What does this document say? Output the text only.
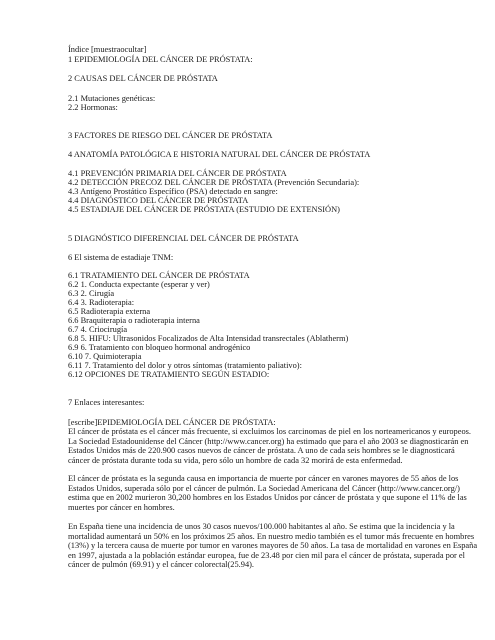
Índice [muestraocultar]
1 EPIDEMIOLOGÍA DEL CÁNCER DE PRÓSTATA:
2 CAUSAS DEL CÁNCER DE PRÓSTATA
2.1 Mutaciones genéticas:
2.2 Hormonas:
3 FACTORES DE RIESGO DEL CÁNCER DE PRÓSTATA
4 ANATOMÍA PATOLÓGICA E HISTORIA NATURAL DEL CÁNCER DE PRÓSTATA
4.1 PREVENCIÓN PRIMARIA DEL CÁNCER DE PRÓSTATA
4.2 DETECCIÓN PRECOZ DEL CÁNCER DE PRÓSTATA (Prevención Secundaria):
4.3 Antígeno Prostático Específico (PSA) detectado en sangre:
4.4 DIAGNÓSTICO DEL CÁNCER DE PRÓSTATA
4.5 ESTADIAJE DEL CÁNCER DE PRÓSTATA (ESTUDIO DE EXTENSIÓN)
5 DIAGNÓSTICO DIFERENCIAL DEL CÁNCER DE PRÓSTATA
6 El sistema de estadiaje TNM:
6.1 TRATAMIENTO DEL CÁNCER DE PRÓSTATA
6.2 1. Conducta expectante (esperar y ver)
6.3 2. Cirugía
6.4 3. Radioterapia:
6.5 Radioterapia externa
6.6 Braquiterapia o radioterapia interna
6.7 4. Criocirugía
6.8 5. HIFU: Ultrasonidos Focalizados de Alta Intensidad transrectales (Ablatherm)
6.9 6. Tratamiento con bloqueo hormonal androgénico
6.10 7. Quimioterapia
6.11 7. Tratamiento del dolor y otros síntomas (tratamiento paliativo):
6.12 OPCIONES DE TRATAMIENTO SEGÚN ESTADIO:
7 Enlaces interesantes:
[escribe]EPIDEMIOLOGÍA DEL CÁNCER DE PRÓSTATA:
El cáncer de próstata es el cáncer más frecuente, si excluimos los carcinomas de piel en los norteamericanos y europeos. La Sociedad Estadounidense del Cáncer (http://www.cancer.org) ha estimado que para el año 2003 se diagnosticarán en Estados Unidos más de 220.900 casos nuevos de cáncer de próstata. A uno de cada seis hombres se le diagnosticará cáncer de próstata durante toda su vida, pero sólo un hombre de cada 32 morirá de esta enfermedad.
El cáncer de próstata es la segunda causa en importancia de muerte por cáncer en varones mayores de 55 años de los Estados Unidos, superada sólo por el cáncer de pulmón. La Sociedad Americana del Cáncer (http://www.cancer.org/) estima que en 2002 murieron 30,200 hombres en los Estados Unidos por cáncer de próstata y que supone el 11% de las muertes por cáncer en hombres.
En España tiene una incidencia de unos 30 casos nuevos/100.000 habitantes al año. Se estima que la incidencia y la mortalidad aumentará un 50% en los próximos 25 años. En nuestro medio también es el tumor más frecuente en hombres (13%) y la tercera causa de muerte por tumor en varones mayores de 50 años. La tasa de mortalidad en varones en España en 1997, ajustada a la población estándar europea, fue de 23.48 por cien mil para el cáncer de próstata, superada por el cáncer de pulmón (69.91) y el cáncer colorectal(25.94).
